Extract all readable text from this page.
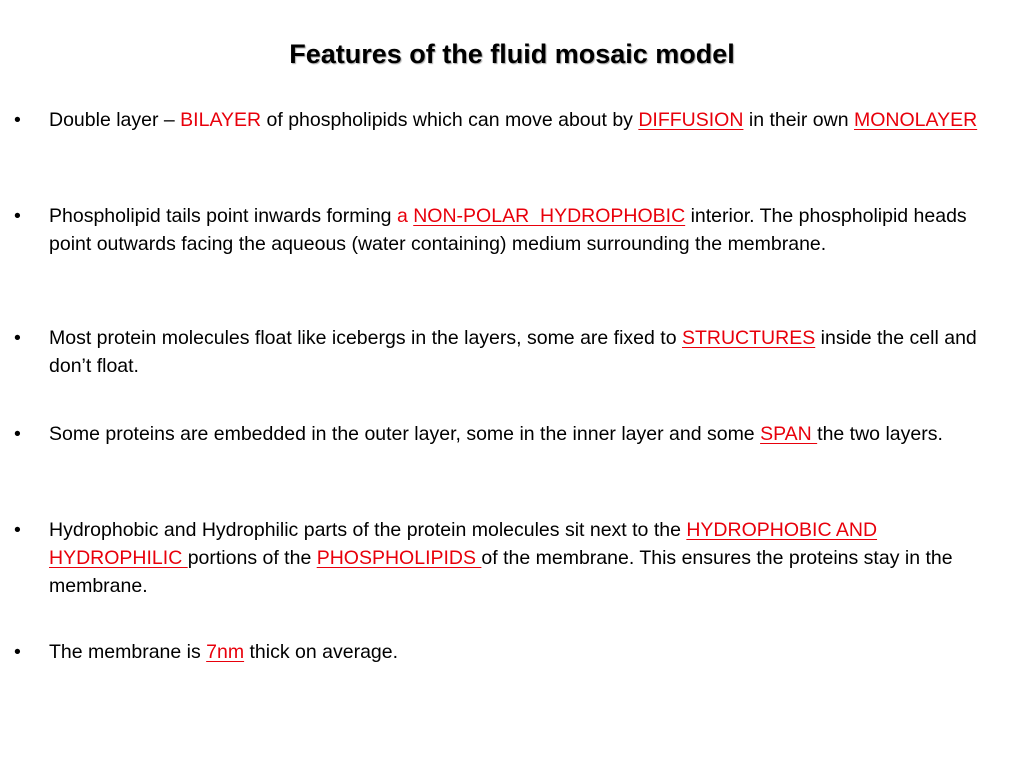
Features of the fluid mosaic model
•	Double layer – BILAYER of phospholipids which can move about by DIFFUSION in their own MONOLAYER
•	Phospholipid tails point inwards forming a NON-POLAR  HYDROPHOBIC interior. The phospholipid heads point outwards facing the aqueous (water containing) medium surrounding the membrane.
•	Most protein molecules float like icebergs in the layers, some are fixed to STRUCTURES inside the cell and don’t float.
•	Some proteins are embedded in the outer layer, some in the inner layer and some SPAN the two layers.
•	Hydrophobic and Hydrophilic parts of the protein molecules sit next to the HYDROPHOBIC AND HYDROPHILIC portions of the PHOSPHOLIPIDS of the membrane. This ensures the proteins stay in the membrane.
•	The membrane is 7nm thick on average.
